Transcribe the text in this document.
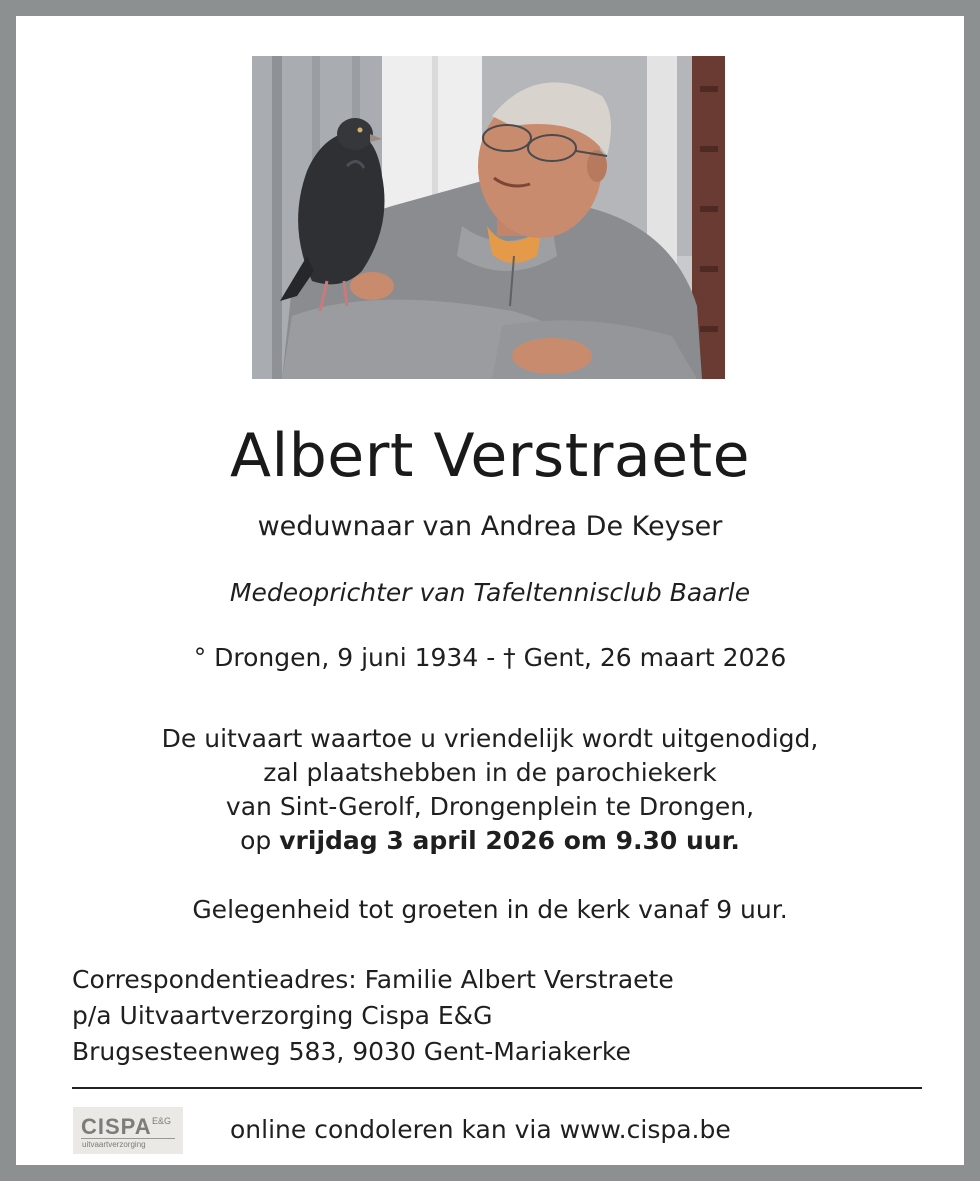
Albert Verstraete
weduwnaar van Andrea De Keyser
Medeoprichter van Tafeltennisclub Baarle
° Drongen, 9 juni 1934 - † Gent, 26 maart 2026
De uitvaart waartoe u vriendelijk wordt uitgenodigd,
zal plaatshebben in de parochiekerk
van Sint-Gerolf, Drongenplein te Drongen,
op vrijdag 3 april 2026 om 9.30 uur.
Gelegenheid tot groeten in de kerk vanaf 9 uur.
Correspondentieadres: Familie Albert Verstraete
p/a Uitvaartverzorging Cispa E&G
Brugsesteenweg 583, 9030 Gent-Mariakerke
CISPA E&G
uitvaartverzorging
online condoleren kan via www.cispa.be
